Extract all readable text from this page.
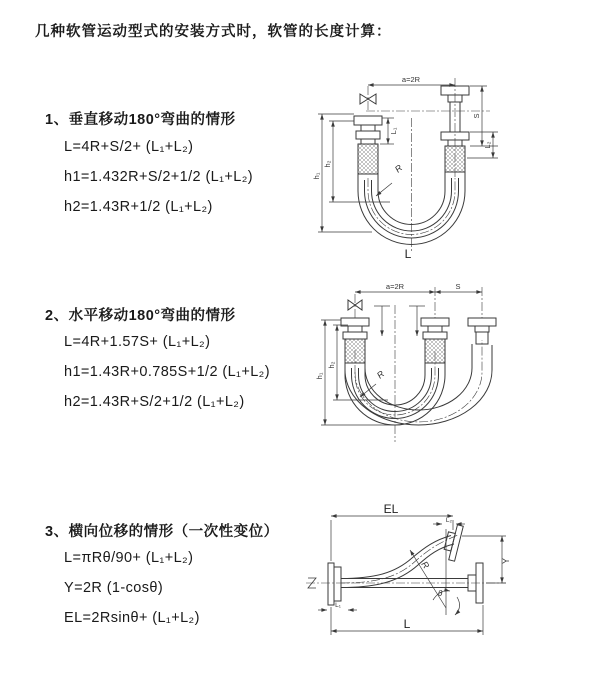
几种软管运动型式的安装方式时，软管的长度计算：
1、垂直移动180°弯曲的情形
L=4R+S/2+ (L₁+L₂)
h1=1.432R+S/2+1/2 (L₁+L₂)
h2=1.43R+1/2 (L₁+L₂)
a=2R
h₁
h₂
L₁
S
L₂
R
L
2、水平移动180°弯曲的情形
L=4R+1.57S+ (L₁+L₂)
h1=1.43R+0.785S+1/2 (L₁+L₂)
h2=1.43R+S/2+1/2 (L₁+L₂)
a=2R	S
h₁
h₂
R
3、横向位移的情形（一次性变位）
L=πRθ/90+ (L₁+L₂)
Y=2R (1-cosθ)
EL=2Rsinθ+ (L₁+L₂)
EL
L
L₂
L₁
Y
R
θ
